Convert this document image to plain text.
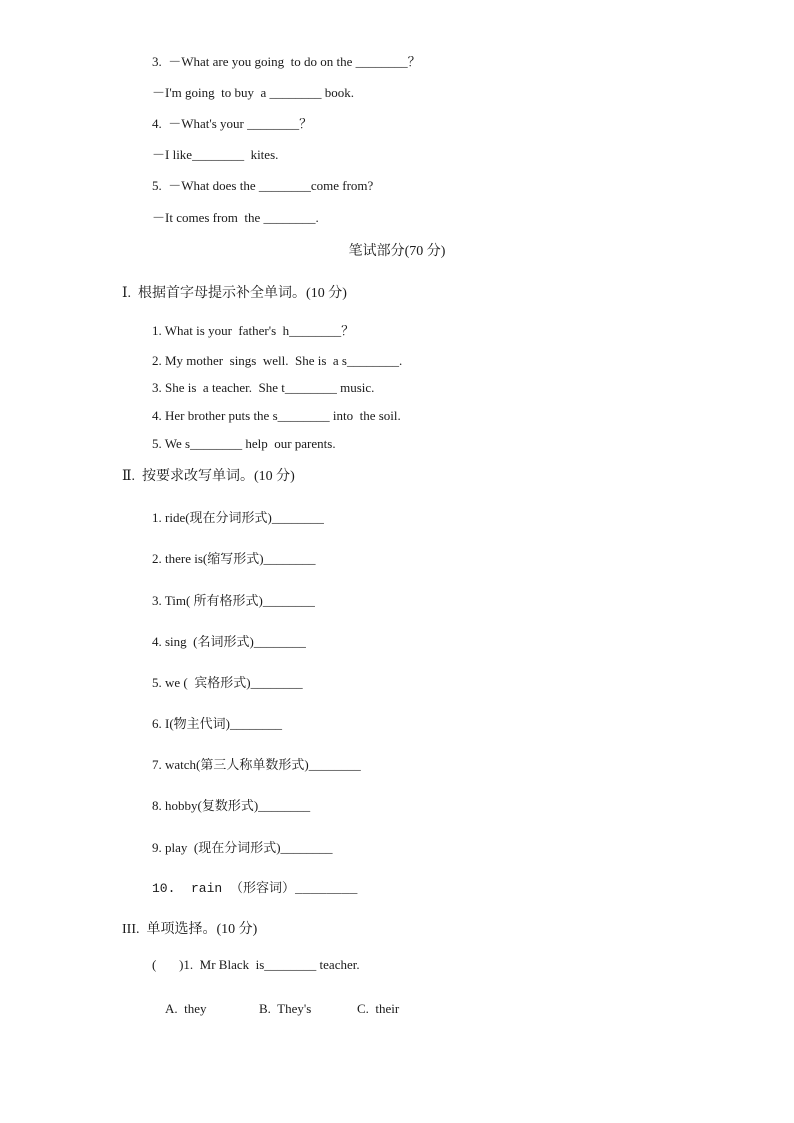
3.  －What are you going  to do on the ________？
－I'm going  to buy  a ________ book.
4.  －What's your ________？
－I like________  kites.
5.  －What does the ________come from?
－It comes from  the ________.
笔试部分(70 分)
Ⅰ.  根据首字母提示补全单词。(10 分)
1. What is your  father's  h________？
2. My mother  sings  well.  She is  a s________.
3. She is  a teacher.  She t________ music.
4. Her brother puts the s________ into  the soil.
5. We s________ help  our parents.
Ⅱ.  按要求改写单词。(10 分)
1. ride(现在分词形式)________
2. there is(缩写形式)________
3. Tim( 所有格形式)________
4. sing  (名词形式)________
5. we (  宾格形式)________
6. I(物主代词)________
7. watch(第三人称单数形式)________
8. hobby(复数形式)________
9. play  (现在分词形式)________
10.  rain （形容词）________
III.  单项选择。(10 分)
(       )1.  Mr Black  is________ teacher.

A.  they	B.  They's	C.  their
